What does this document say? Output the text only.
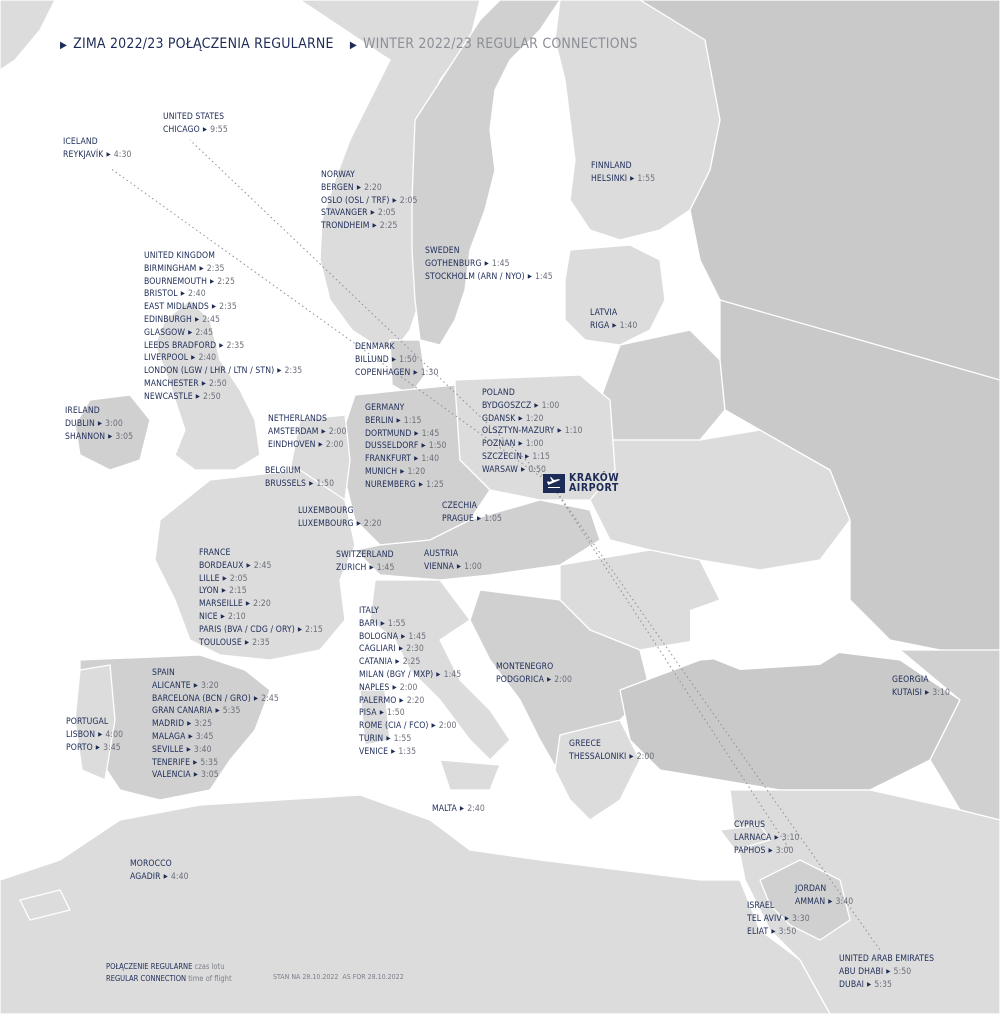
▶ ZIMA 2022/23 POŁĄCZENIA REGULARNE ▶ WINTER 2022/23 REGULAR CONNECTIONS
KRAKÓW
AIRPORT
UNITED STATES
CHICAGO ▶ 9:55
ICELAND
REYKJAVÍK ▶ 4:30
NORWAY
BERGEN ▶ 2:20
OSLO (OSL / TRF) ▶ 2:05
STAVANGER ▶ 2:05
TRONDHEIM ▶ 2:25
FINNLAND
HELSINKI ▶ 1:55
SWEDEN
GOTHENBURG ▶ 1:45
STOCKHOLM (ARN / NYO) ▶ 1:45
UNITED KINGDOM
BIRMINGHAM ▶ 2:35
BOURNEMOUTH ▶ 2:25
BRISTOL ▶ 2:40
EAST MIDLANDS ▶ 2:35
EDINBURGH ▶ 2:45
GLASGOW ▶ 2:45
LEEDS BRADFORD ▶ 2:35
LIVERPOOL ▶ 2:40
LONDON (LGW / LHR / LTN / STN) ▶ 2:35
MANCHESTER ▶ 2:50
NEWCASTLE ▶ 2:50
LATVIA
RIGA ▶ 1:40
DENMARK
BILLUND ▶ 1:50
COPENHAGEN ▶ 1:30
POLAND
BYDGOSZCZ ▶ 1:00
GDANSK ▶ 1:20
OLSZTYN-MAZURY ▶ 1:10
POZNAN ▶ 1:00
SZCZECIN ▶ 1:15
WARSAW ▶ 0:50
IRELAND
DUBLIN ▶ 3:00
SHANNON ▶ 3:05
NETHERLANDS
AMSTERDAM ▶ 2:00
EINDHOVEN ▶ 2:00
GERMANY
BERLIN ▶ 1:15
DORTMUND ▶ 1:45
DUSSELDORF ▶ 1:50
FRANKFURT ▶ 1:40
MUNICH ▶ 1:20
NUREMBERG ▶ 1:25
BELGIUM
BRUSSELS ▶ 1:50
LUXEMBOURG
LUXEMBOURG ▶ 2:20
CZECHIA
PRAGUE ▶ 1:05
FRANCE
BORDEAUX ▶ 2:45
LILLE ▶ 2:05
LYON ▶ 2:15
MARSEILLE ▶ 2:20
NICE ▶ 2:10
PARIS (BVA / CDG / ORY) ▶ 2:15
TOULOUSE ▶ 2:35
SWITZERLAND
ZURICH ▶ 1:45
AUSTRIA
VIENNA ▶ 1:00
ITALY
BARI ▶ 1:55
BOLOGNA ▶ 1:45
CAGLIARI ▶ 2:30
CATANIA ▶ 2:25
MILAN (BGY / MXP) ▶ 1:45
NAPLES ▶ 2:00
PALERMO ▶ 2:20
PISA ▶ 1:50
ROME (CIA / FCO) ▶ 2:00
TURIN ▶ 1:55
VENICE ▶ 1:35
SPAIN
ALICANTE ▶ 3:20
BARCELONA (BCN / GRO) ▶ 2:45
GRAN CANARIA ▶ 5:35
MADRID ▶ 3:25
MALAGA ▶ 3:45
SEVILLE ▶ 3:40
TENERIFE ▶ 5:35
VALENCIA ▶ 3:05
MONTENEGRO
PODGORICA ▶ 2:00	GEORGIA
KUTAISI ▶ 3:10
PORTUGAL
LISBON ▶ 4:00
PORTO ▶ 3:45	GREECE
THESSALONIKI ▶ 2:00
MALTA ▶ 2:40
CYPRUS
LARNACA ▶ 3:10
PAPHOS ▶ 3:00
MOROCCO
AGADIR ▶ 4:40
JORDAN
AMMAN ▶ 3:40
ISRAEL
TEL AVIV ▶ 3:30
ELIAT ▶ 3:50
UNITED ARAB EMIRATES
ABU DHABI ▶ 5:50
DUBAI ▶ 5:35
POŁĄCZENIE REGULARNE czas lotu
REGULAR CONNECTION time of flight	STAN NA 28.10.2022 AS FOR 28.10.2022
